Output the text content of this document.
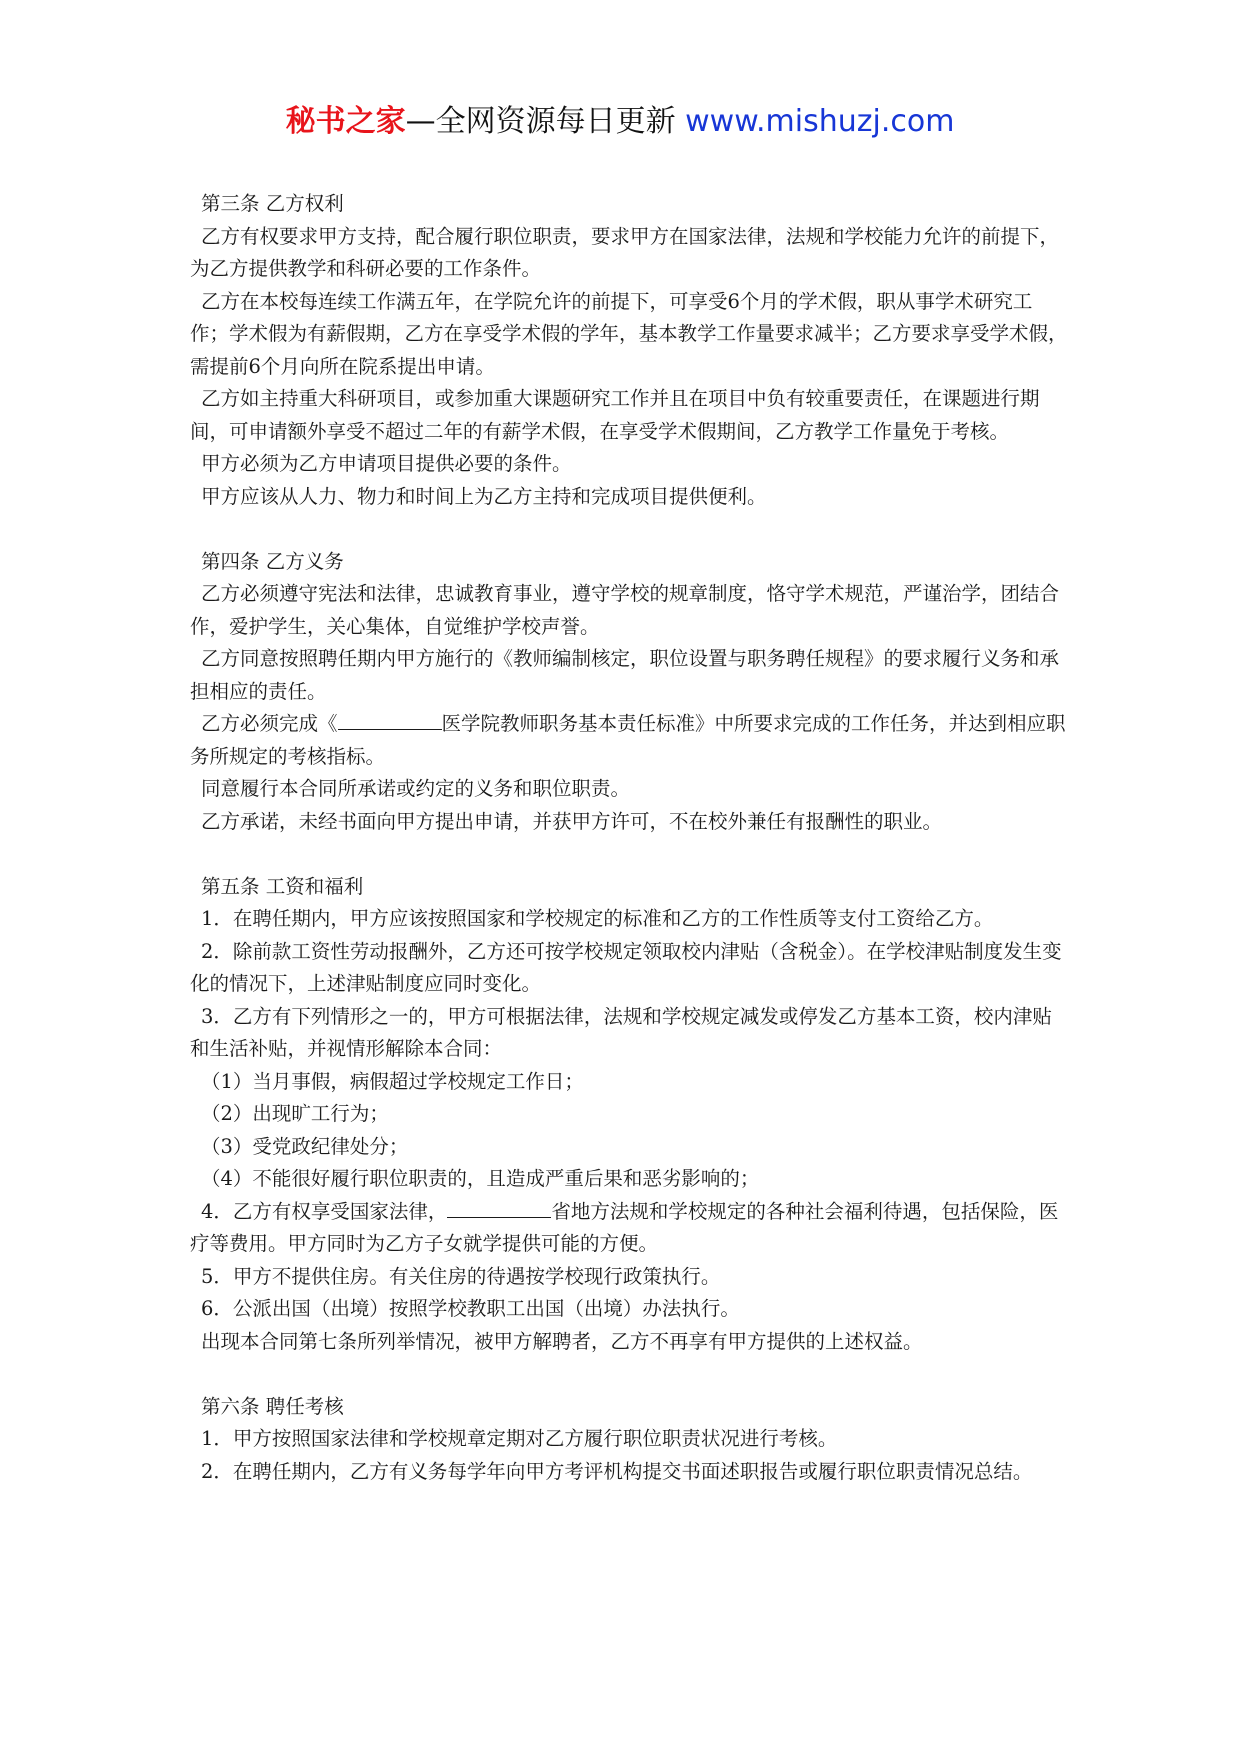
秘书之家—全网资源每日更新 www.mishuzj.com

第三条 乙方权利

乙方有权要求甲方支持，配合履行职位职责，要求甲方在国家法律，法规和学校能力允许的前提下，为乙方提供教学和科研必要的工作条件。

乙方在本校每连续工作满五年，在学院允许的前提下，可享受6个月的学术假，职从事学术研究工作；学术假为有薪假期，乙方在享受学术假的学年，基本教学工作量要求减半；乙方要求享受学术假，需提前6个月向所在院系提出申请。

乙方如主持重大科研项目，或参加重大课题研究工作并且在项目中负有较重要责任，在课题进行期间，可申请额外享受不超过二年的有薪学术假，在享受学术假期间，乙方教学工作量免于考核。

甲方必须为乙方申请项目提供必要的条件。

甲方应该从人力、物力和时间上为乙方主持和完成项目提供便利。

第四条 乙方义务

乙方必须遵守宪法和法律，忠诚教育事业，遵守学校的规章制度，恪守学术规范，严谨治学，团结合作，爱护学生，关心集体，自觉维护学校声誉。

乙方同意按照聘任期内甲方施行的《教师编制核定，职位设置与职务聘任规程》的要求履行义务和承担相应的责任。

乙方必须完成《	医学院教师职务基本责任标准》中所要求完成的工作任务，并达到相应职务所规定的考核指标。

同意履行本合同所承诺或约定的义务和职位职责。

乙方承诺，未经书面向甲方提出申请，并获甲方许可，不在校外兼任有报酬性的职业。

第五条 工资和福利

1．在聘任期内，甲方应该按照国家和学校规定的标准和乙方的工作性质等支付工资给乙方。

2．除前款工资性劳动报酬外，乙方还可按学校规定领取校内津贴（含税金）。在学校津贴制度发生变化的情况下，上述津贴制度应同时变化。

3．乙方有下列情形之一的，甲方可根据法律，法规和学校规定减发或停发乙方基本工资，校内津贴和生活补贴，并视情形解除本合同：

（1）当月事假，病假超过学校规定工作日；

（2）出现旷工行为；

（3）受党政纪律处分；

（4）不能很好履行职位职责的，且造成严重后果和恶劣影响的；

4．乙方有权享受国家法律，	省地方法规和学校规定的各种社会福利待遇，包括保险，医疗等费用。甲方同时为乙方子女就学提供可能的方便。

5．甲方不提供住房。有关住房的待遇按学校现行政策执行。

6．公派出国（出境）按照学校教职工出国（出境）办法执行。

出现本合同第七条所列举情况，被甲方解聘者，乙方不再享有甲方提供的上述权益。

第六条 聘任考核

1．甲方按照国家法律和学校规章定期对乙方履行职位职责状况进行考核。

2．在聘任期内，乙方有义务每学年向甲方考评机构提交书面述职报告或履行职位职责情况总结。
